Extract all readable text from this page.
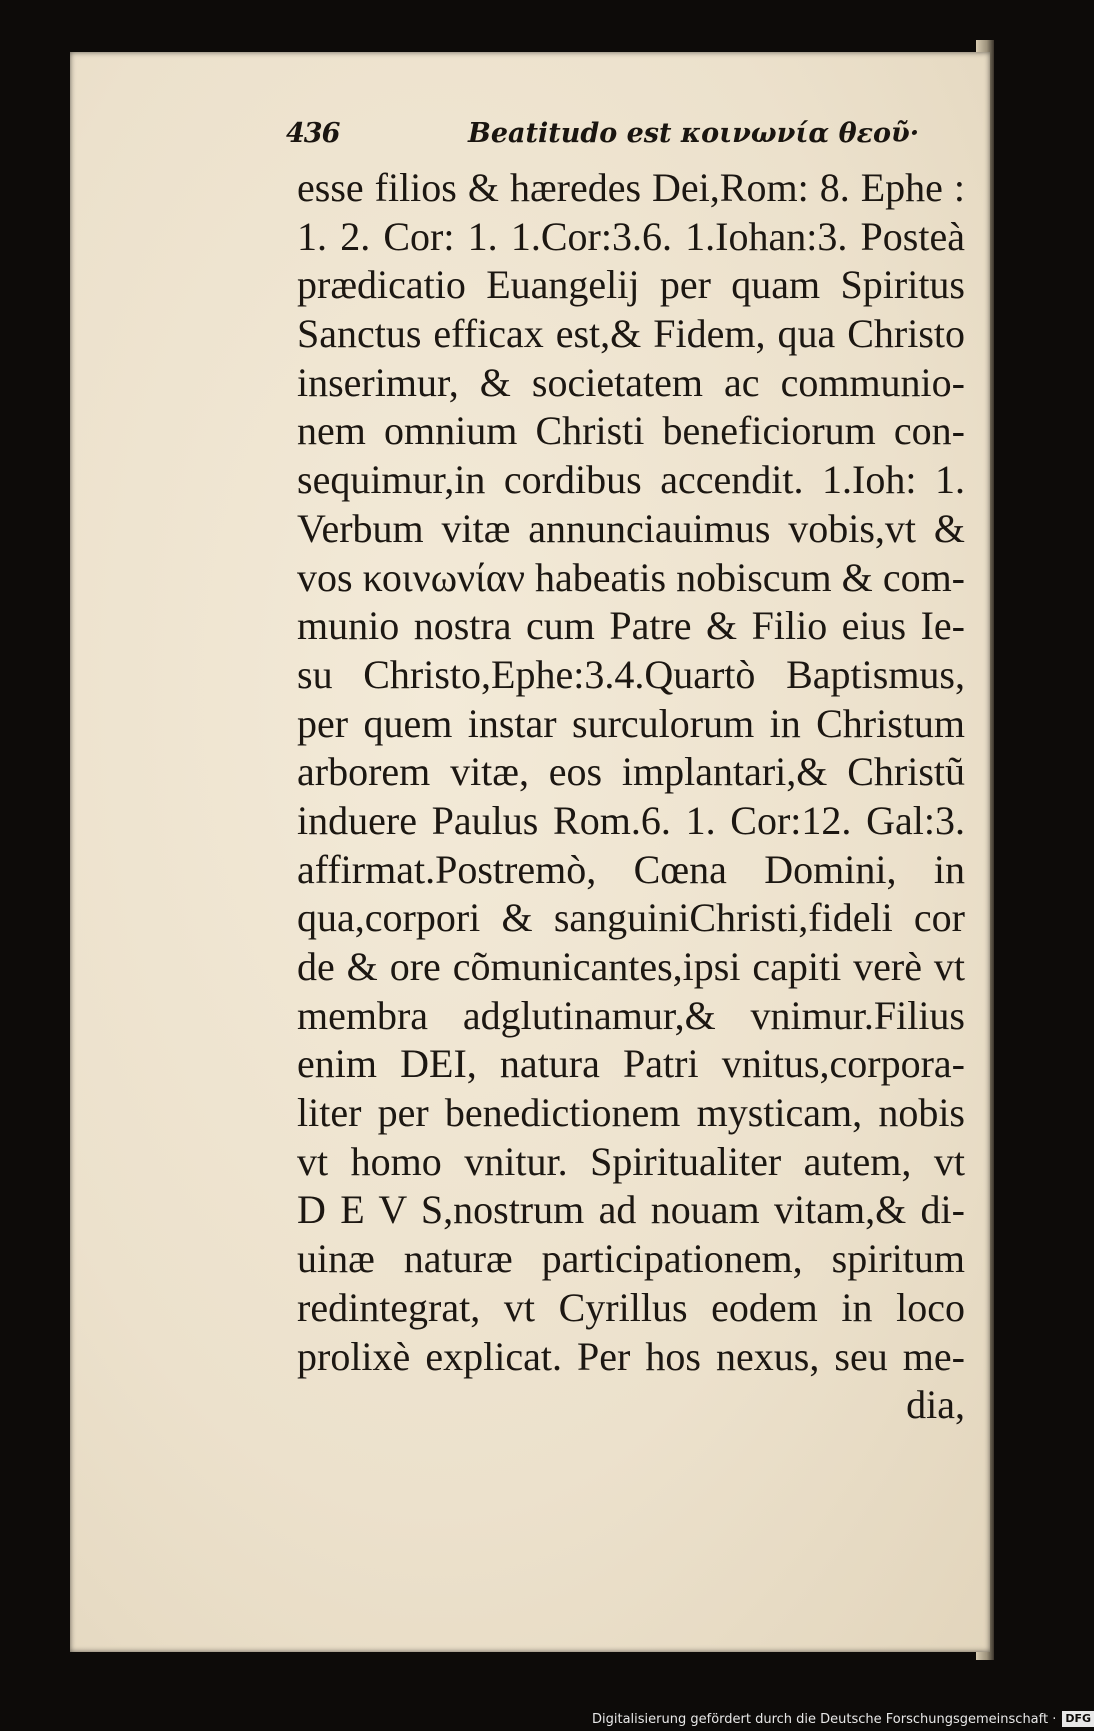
436	Beatitudo est κοινωνία θεοῦ·
esse filios & hæredes Dei,Rom: 8. Ephe :
1. 2. Cor: 1. 1.Cor:3.6. 1.Iohan:3. Posteà
prædicatio Euangelij per quam Spiritus
Sanctus efficax est,& Fidem, qua Christo
inserimur, & societatem ac communio-
nem omnium Christi beneficiorum con-
sequimur,in cordibus accendit. 1.Ioh: 1.
Verbum vitæ annunciauimus vobis,vt &
vos κοινωνίαν habeatis nobiscum & com-
munio nostra cum Patre & Filio eius Ie-
su Christo,Ephe:3.4.Quartò Baptismus,
per quem instar surculorum in Christum
arborem vitæ, eos implantari,& Christũ
induere Paulus Rom.6. 1. Cor:12. Gal:3.
affirmat.Postremò, Cœna Domini, in
qua,corpori & sanguiniChristi,fideli cor
de & ore cõmunicantes,ipsi capiti verè vt
membra adglutinamur,& vnimur.Filius
enim DEI, natura Patri vnitus,corpora-
liter per benedictionem mysticam, nobis
vt homo vnitur. Spiritualiter autem, vt
D E V S,nostrum ad nouam vitam,& di-
uinæ naturæ participationem, spiritum
redintegrat, vt Cyrillus eodem in loco
prolixè explicat. Per hos nexus, seu me-
dia,
Digitalisierung gefördert durch die Deutsche Forschungsgemeinschaft · DFG
